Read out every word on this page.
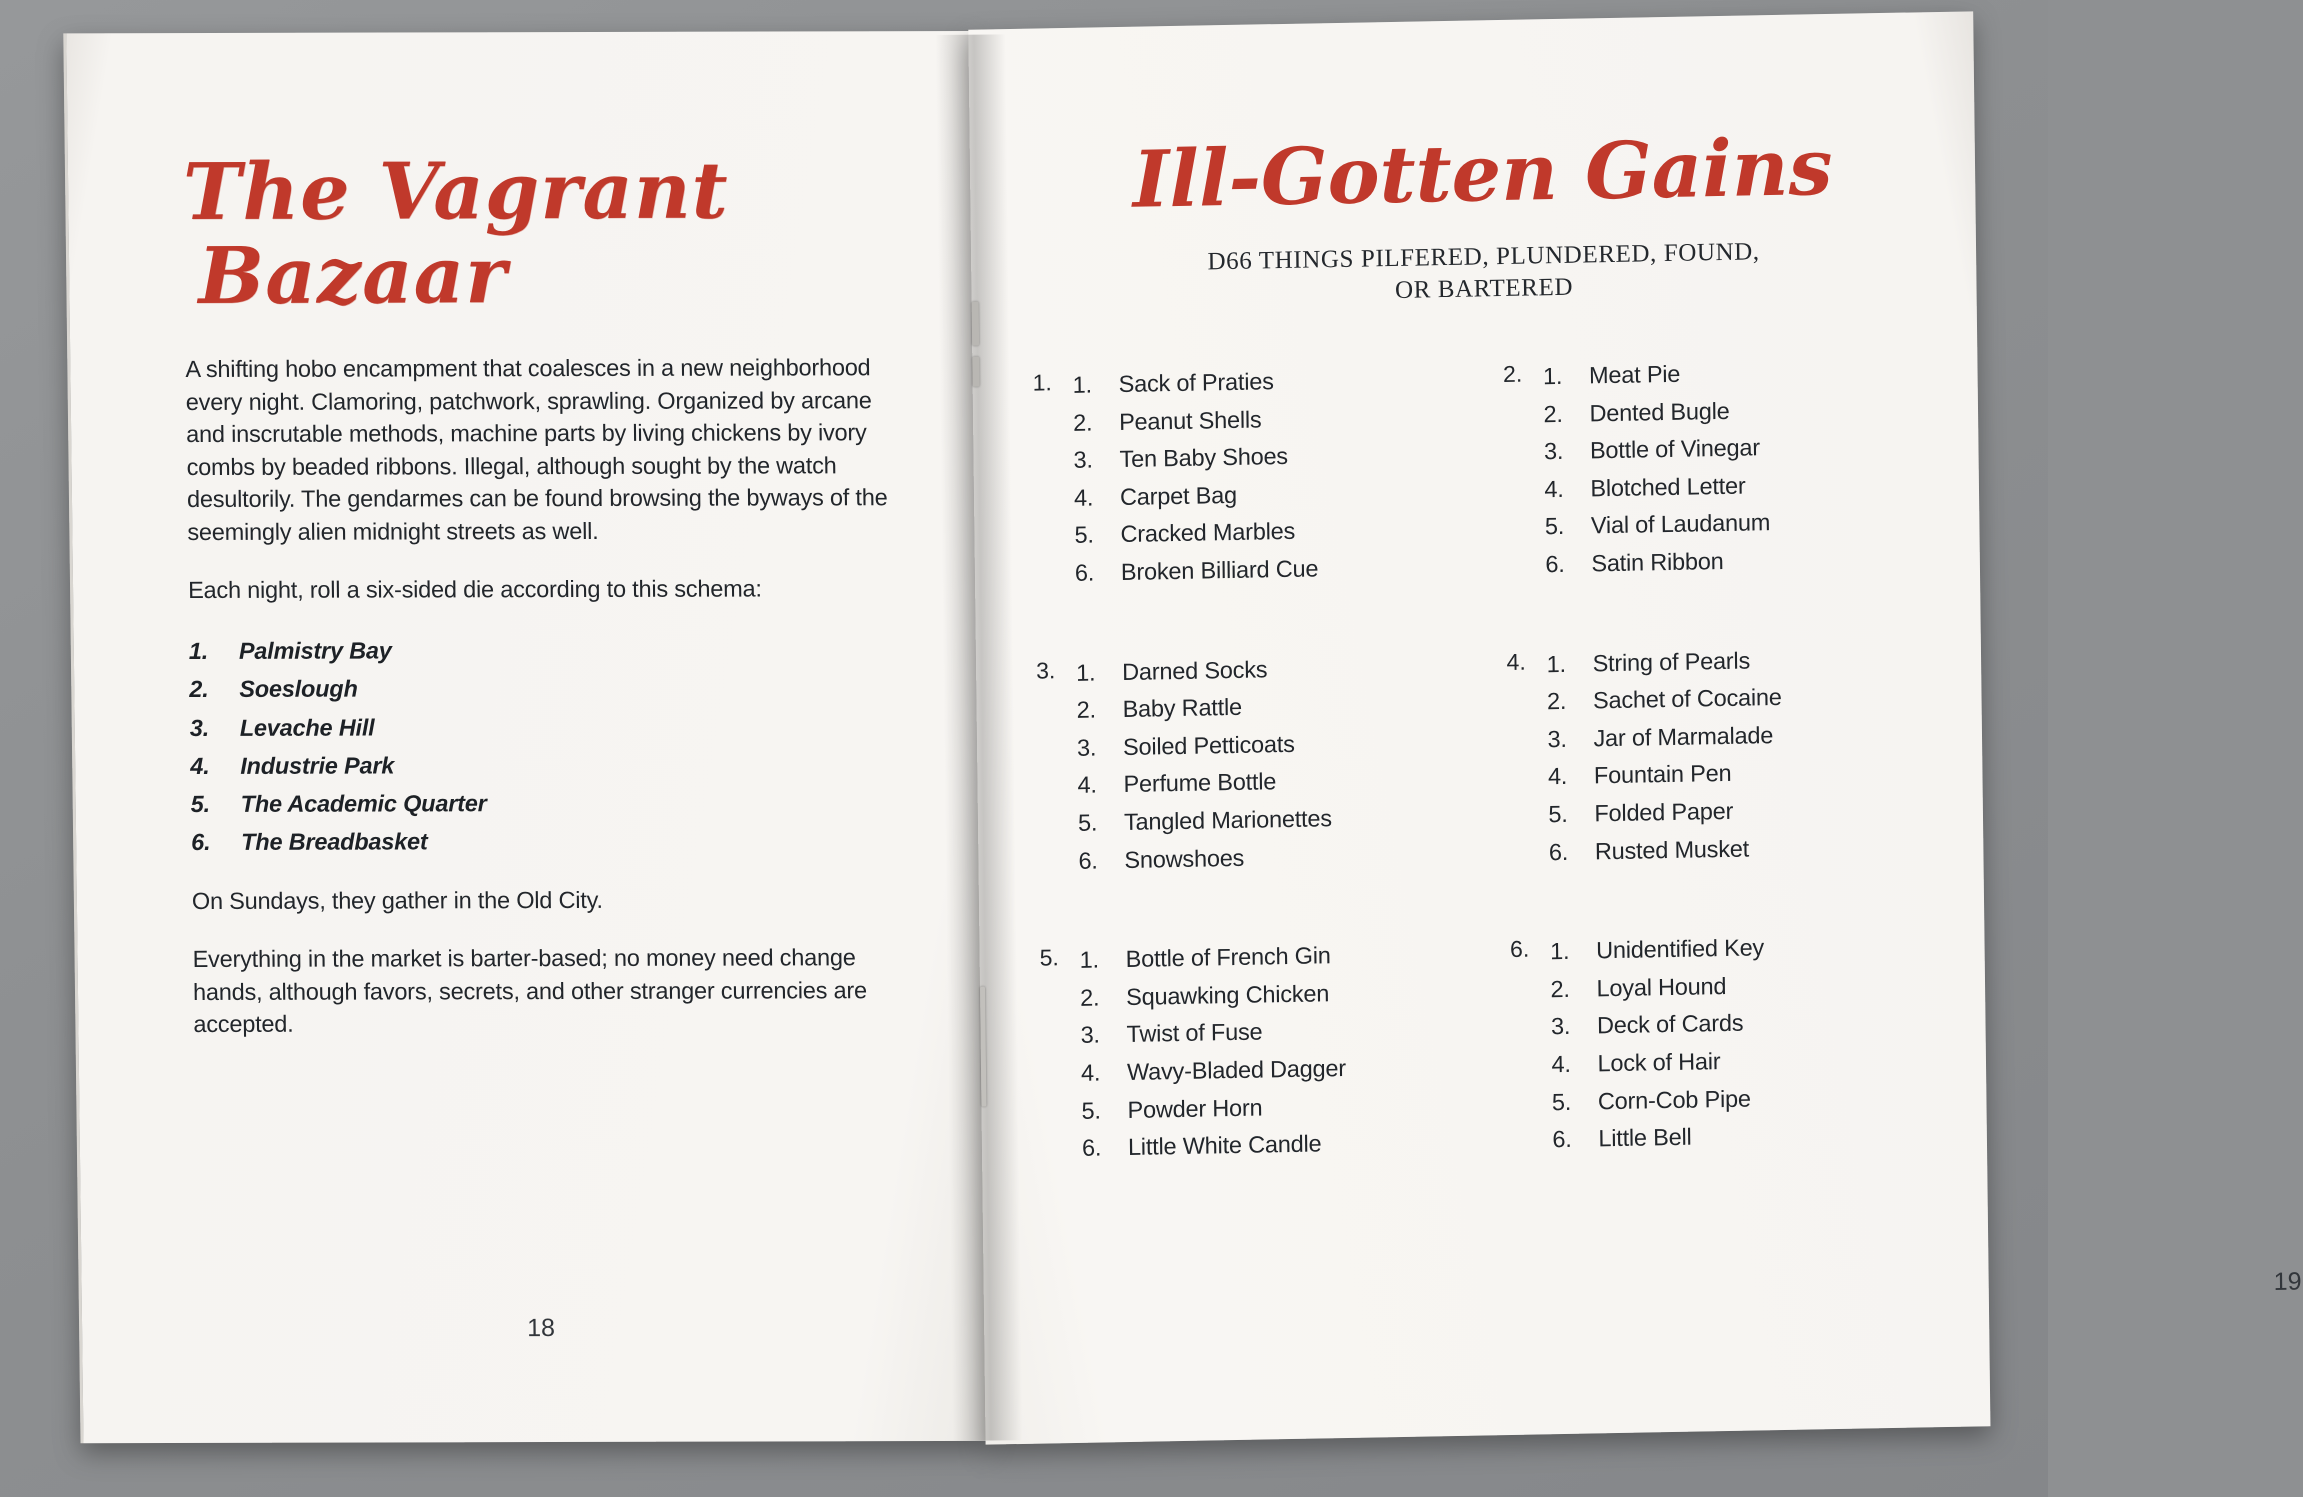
The Vagrant
Bazaar

A shifting hobo encampment that coalesces in a new neighborhood every night. Clamoring, patchwork, sprawling. Organized by arcane and inscrutable methods, machine parts by living chickens by ivory combs by beaded ribbons. Illegal, although sought by the watch desultorily. The gendarmes can be found browsing the byways of the seemingly alien midnight streets as well.

Each night, roll a six-sided die according to this schema:

1.	Palmistry Bay
2.	Soeslough
3.	Levache Hill
4.	Industrie Park
5.	The Academic Quarter
6.	The Breadbasket

On Sundays, they gather in the Old City.

Everything in the market is barter-based; no money need change hands, although favors, secrets, and other stranger currencies are accepted.

18
Ill-Gotten Gains
D66 THINGS PILFERED, PLUNDERED, FOUND,
OR BARTERED
1. 1.	Sack of Praties
2.	Peanut Shells
3.	Ten Baby Shoes
4.	Carpet Bag
5.	Cracked Marbles
6.	Broken Billiard Cue
2. 1.	Meat Pie
2.	Dented Bugle
3.	Bottle of Vinegar
4.	Blotched Letter
5.	Vial of Laudanum
6.	Satin Ribbon
3. 1.	Darned Socks
2.	Baby Rattle
3.	Soiled Petticoats
4.	Perfume Bottle
5.	Tangled Marionettes
6.	Snowshoes
4. 1.	String of Pearls
2.	Sachet of Cocaine
3.	Jar of Marmalade
4.	Fountain Pen
5.	Folded Paper
6.	Rusted Musket
5. 1.	Bottle of French Gin
2.	Squawking Chicken
3.	Twist of Fuse
4.	Wavy-Bladed Dagger
5.	Powder Horn
6.	Little White Candle
6. 1.	Unidentified Key
2.	Loyal Hound
3.	Deck of Cards
4.	Lock of Hair
5.	Corn-Cob Pipe
6.	Little Bell
19
